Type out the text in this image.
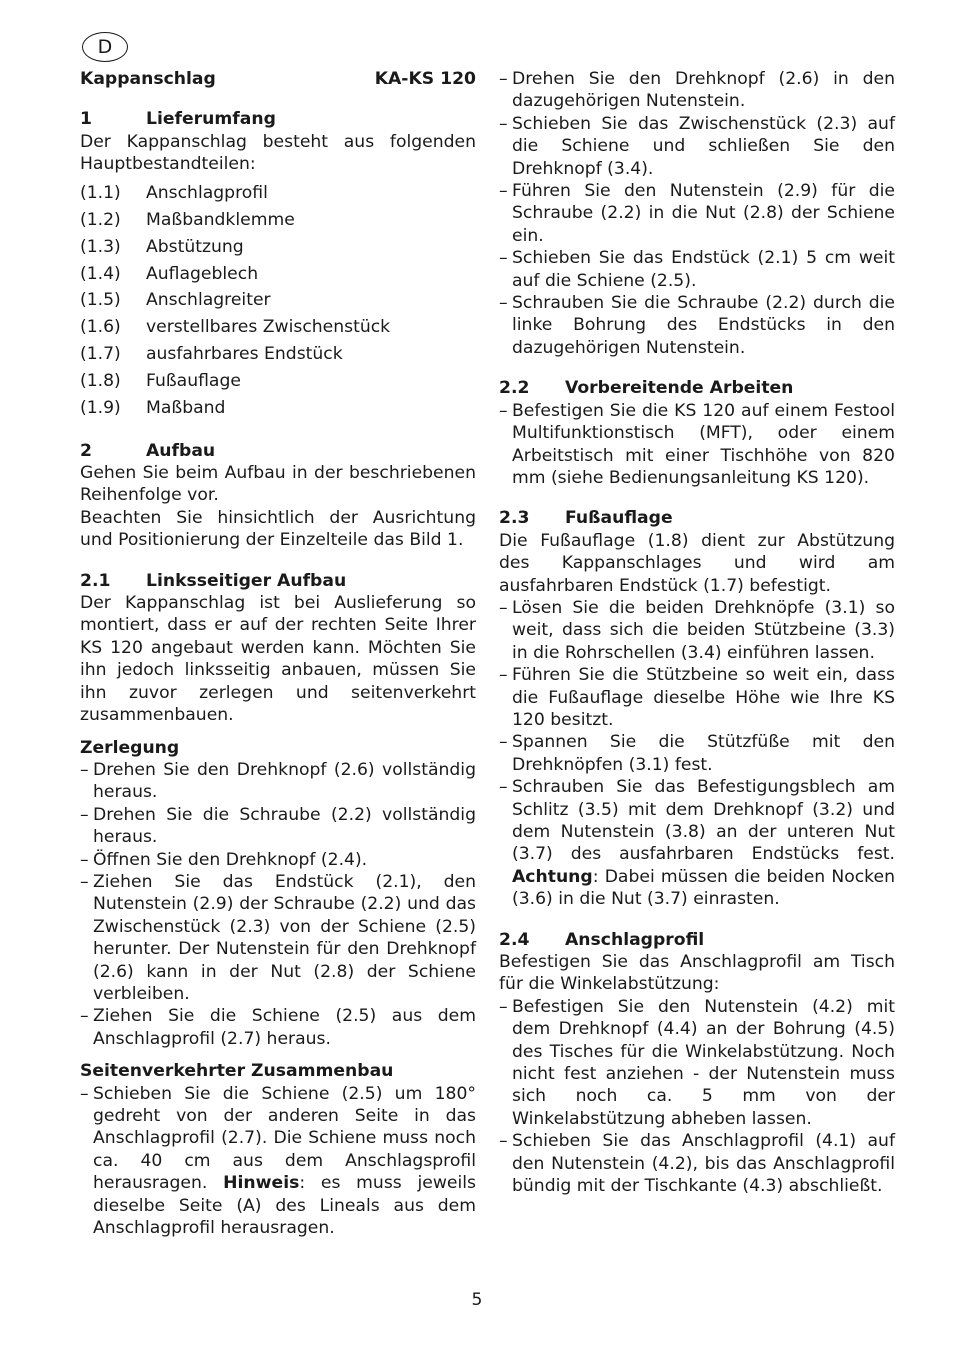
D
Kappanschlag	KA-KS 120
1	Lieferumfang

Der Kappanschlag besteht aus folgenden Hauptbestandteilen:

(1.1)	Anschlagprofil
(1.2)	Maßbandklemme
(1.3)	Abstützung
(1.4)	Auflageblech
(1.5)	Anschlagreiter
(1.6)	verstellbares Zwischenstück
(1.7)	ausfahrbares Endstück
(1.8)	Fußauflage
(1.9)	Maßband
2	Aufbau

Gehen Sie beim Aufbau in der beschriebenen Reihenfolge vor.

Beachten Sie hinsichtlich der Ausrichtung und Positionierung der Einzelteile das Bild 1.

2.1	Linksseitiger Aufbau

Der Kappanschlag ist bei Auslieferung so montiert, dass er auf der rechten Seite Ihrer KS 120 angebaut werden kann. Möchten Sie ihn jedoch linksseitig anbauen, müssen Sie ihn zuvor zerlegen und seitenverkehrt zusammenbauen.

Zerlegung
– Drehen Sie den Drehknopf (2.6) vollständig heraus.
– Drehen Sie die Schraube (2.2) vollständig heraus.
– Öffnen Sie den Drehknopf (2.4).
– Ziehen Sie das Endstück (2.1), den Nutenstein (2.9) der Schraube (2.2) und das Zwischenstück (2.3) von der Schiene (2.5) herunter. Der Nutenstein für den Drehknopf (2.6) kann in der Nut (2.8) der Schiene verbleiben.
– Ziehen Sie die Schiene (2.5) aus dem Anschlagprofil (2.7) heraus.
Seitenverkehrter Zusammenbau
– Schieben Sie die Schiene (2.5) um 180° gedreht von der anderen Seite in das Anschlagprofil (2.7). Die Schiene muss noch ca. 40 cm aus dem Anschlagsprofil herausragen. Hinweis: es muss jeweils dieselbe Seite (A) des Lineals aus dem Anschlagprofil herausragen.
– Drehen Sie den Drehknopf (2.6) in den dazugehörigen Nutenstein.
– Schieben Sie das Zwischenstück (2.3) auf die Schiene und schließen Sie den Drehknopf (3.4).
– Führen Sie den Nutenstein (2.9) für die Schraube (2.2) in die Nut (2.8) der Schiene ein.
– Schieben Sie das Endstück (2.1) 5 cm weit auf die Schiene (2.5).
– Schrauben Sie die Schraube (2.2) durch die linke Bohrung des Endstücks in den dazugehörigen Nutenstein.
2.2	Vorbereitende Arbeiten
– Befestigen Sie die KS 120 auf einem Festool Multifunktionstisch (MFT), oder einem Arbeitstisch mit einer Tischhöhe von 820 mm (siehe Bedienungsanleitung KS 120).
2.3	Fußauflage

Die Fußauflage (1.8) dient zur Abstützung des Kappanschlages und wird am ausfahrbaren Endstück (1.7) befestigt.

– Lösen Sie die beiden Drehknöpfe (3.1) so weit, dass sich die beiden Stützbeine (3.3) in die Rohrschellen (3.4) einführen lassen.
– Führen Sie die Stützbeine so weit ein, dass die Fußauflage dieselbe Höhe wie Ihre KS 120 besitzt.
– Spannen Sie die Stützfüße mit den Drehknöpfen (3.1) fest.
– Schrauben Sie das Befestigungsblech am Schlitz (3.5) mit dem Drehknopf (3.2) und dem Nutenstein (3.8) an der unteren Nut (3.7) des ausfahrbaren Endstücks fest. Achtung: Dabei müssen die beiden Nocken (3.6) in die Nut (3.7) einrasten.
2.4	Anschlagprofil

Befestigen Sie das Anschlagprofil am Tisch für die Winkelabstützung:

– Befestigen Sie den Nutenstein (4.2) mit dem Drehknopf (4.4) an der Bohrung (4.5) des Tisches für die Winkelabstützung. Noch nicht fest anziehen - der Nutenstein muss sich noch ca. 5 mm von der Winkelabstützung abheben lassen.
– Schieben Sie das Anschlagprofil (4.1) auf den Nutenstein (4.2), bis das Anschlagprofil bündig mit der Tischkante (4.3) abschließt.
5
